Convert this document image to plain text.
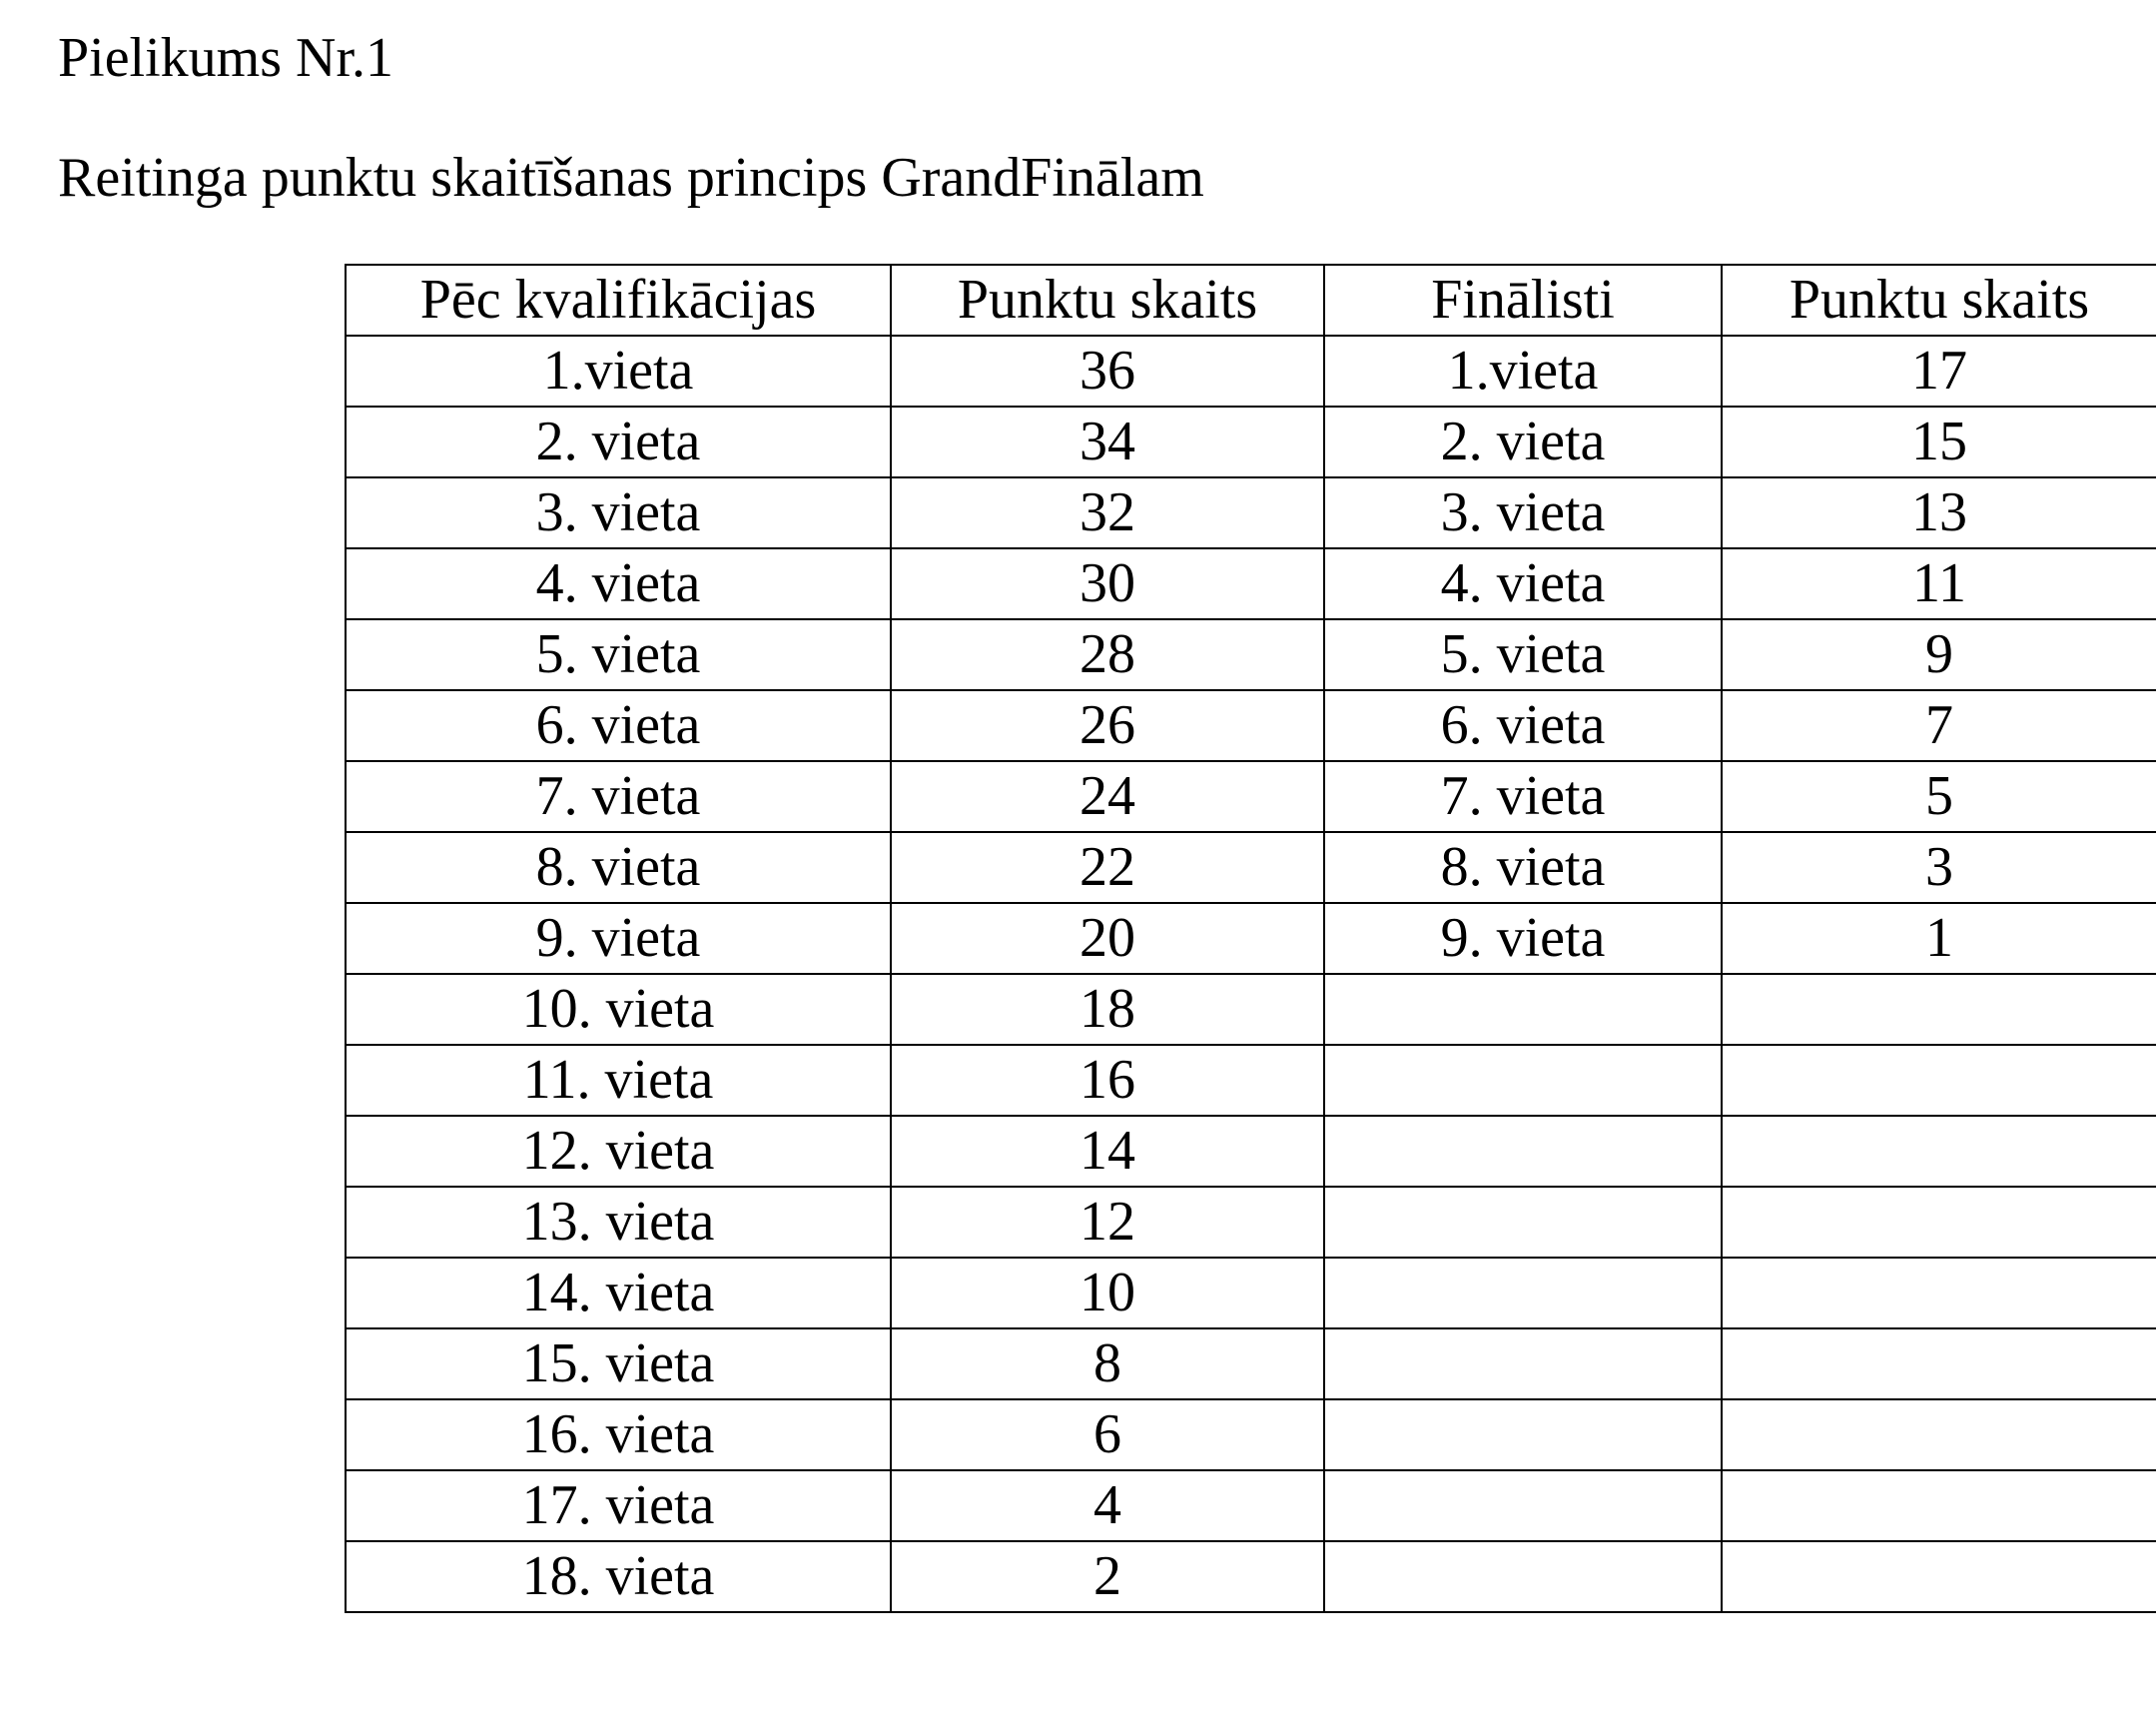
Pielikums Nr.1
Reitinga punktu skaitīšanas princips GrandFinālam
Pēc kvalifikācijas	Punktu skaits	Finālisti	Punktu skaits
1.vieta	36	1.vieta	17
2. vieta	34	2. vieta	15
3. vieta	32	3. vieta	13
4. vieta	30	4. vieta	11
5. vieta	28	5. vieta	9
6. vieta	26	6. vieta	7
7. vieta	24	7. vieta	5
8. vieta	22	8. vieta	3
9. vieta	20	9. vieta	1
10. vieta	18		
11. vieta	16		
12. vieta	14		
13. vieta	12		
14. vieta	10		
15. vieta	8		
16. vieta	6		
17. vieta	4		
18. vieta	2		
